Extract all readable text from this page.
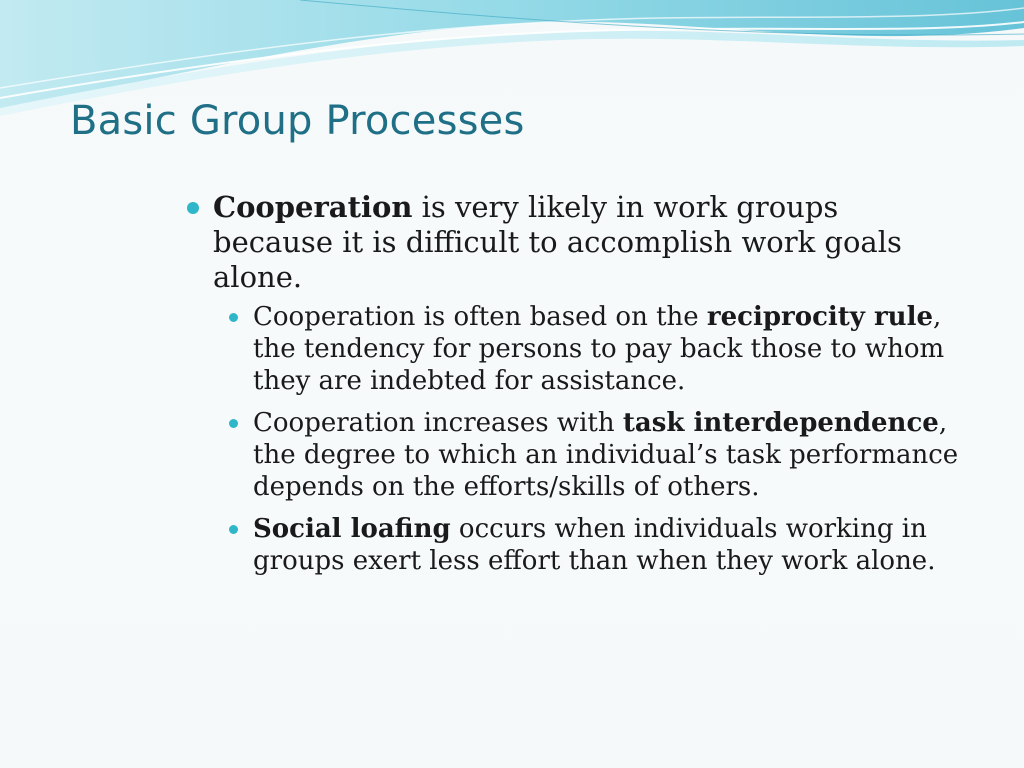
Basic Group Processes
Cooperation is very likely in work groups because it is difficult to accomplish work goals alone.
Cooperation is often based on the reciprocity rule, the tendency for persons to pay back those to whom they are indebted for assistance.
Cooperation increases with task interdependence, the degree to which an individual’s task performance depends on the efforts/skills of others.
Social loafing occurs when individuals working in groups exert less effort than when they work alone.
